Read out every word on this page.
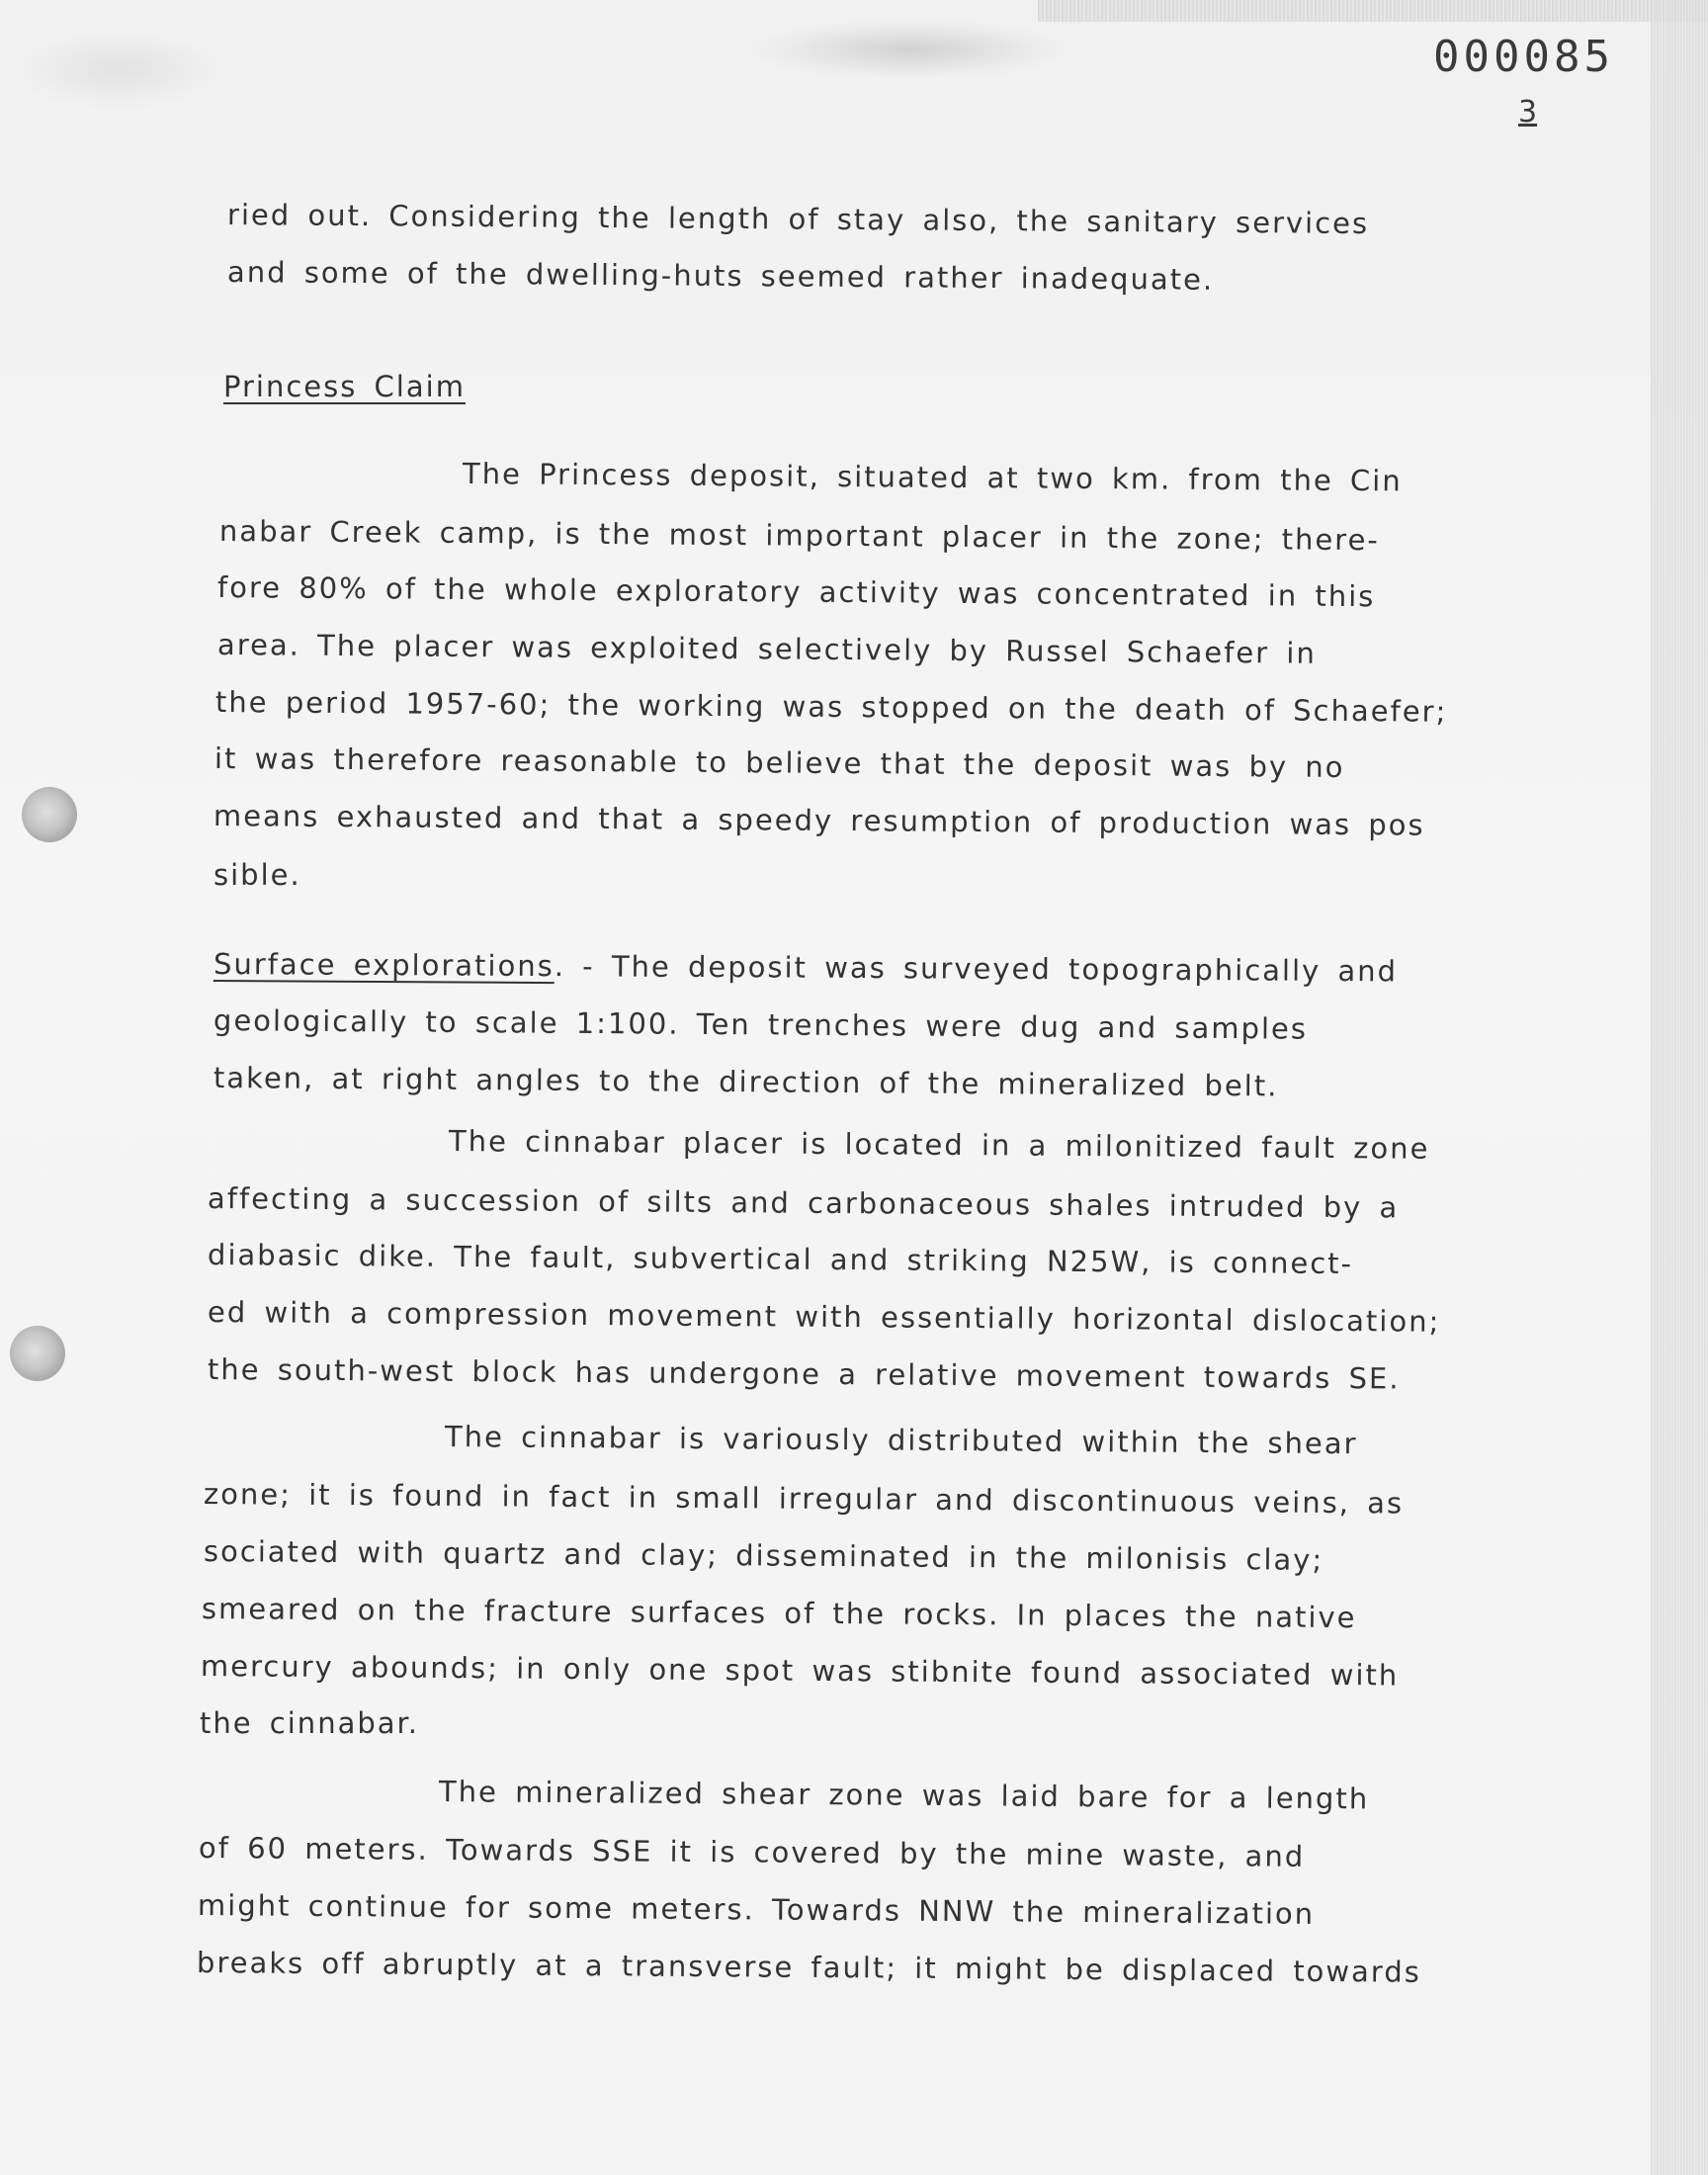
000085
3
ried out. Considering the length of stay also, the sanitary services
and some of the dwelling-huts seemed rather inadequate.
Princess Claim
The Princess deposit, situated at two km. from the Cin
nabar Creek camp, is the most important placer in the zone; there-
fore 80% of the whole exploratory activity was concentrated in this
area. The placer was exploited selectively by Russel Schaefer in
the period 1957-60; the working was stopped on the death of Schaefer;
it was therefore reasonable to believe that the deposit was by no
means exhausted and that a speedy resumption of production was pos
sible.
Surface explorations. - The deposit was surveyed topographically and
geologically to scale 1:100. Ten trenches were dug and samples
taken, at right angles to the direction of the mineralized belt.
The cinnabar placer is located in a milonitized fault zone
affecting a succession of silts and carbonaceous shales intruded by a
diabasic dike. The fault, subvertical and striking N25W, is connect-
ed with a compression movement with essentially horizontal dislocation;
the south-west block has undergone a relative movement towards SE.
The cinnabar is variously distributed within the shear
zone; it is found in fact in small irregular and discontinuous veins, as
sociated with quartz and clay; disseminated in the milonisis clay;
smeared on the fracture surfaces of the rocks. In places the native
mercury abounds; in only one spot was stibnite found associated with
the cinnabar.
The mineralized shear zone was laid bare for a length
of 60 meters. Towards SSE it is covered by the mine waste, and
might continue for some meters. Towards NNW the mineralization
breaks off abruptly at a transverse fault; it might be displaced towards
